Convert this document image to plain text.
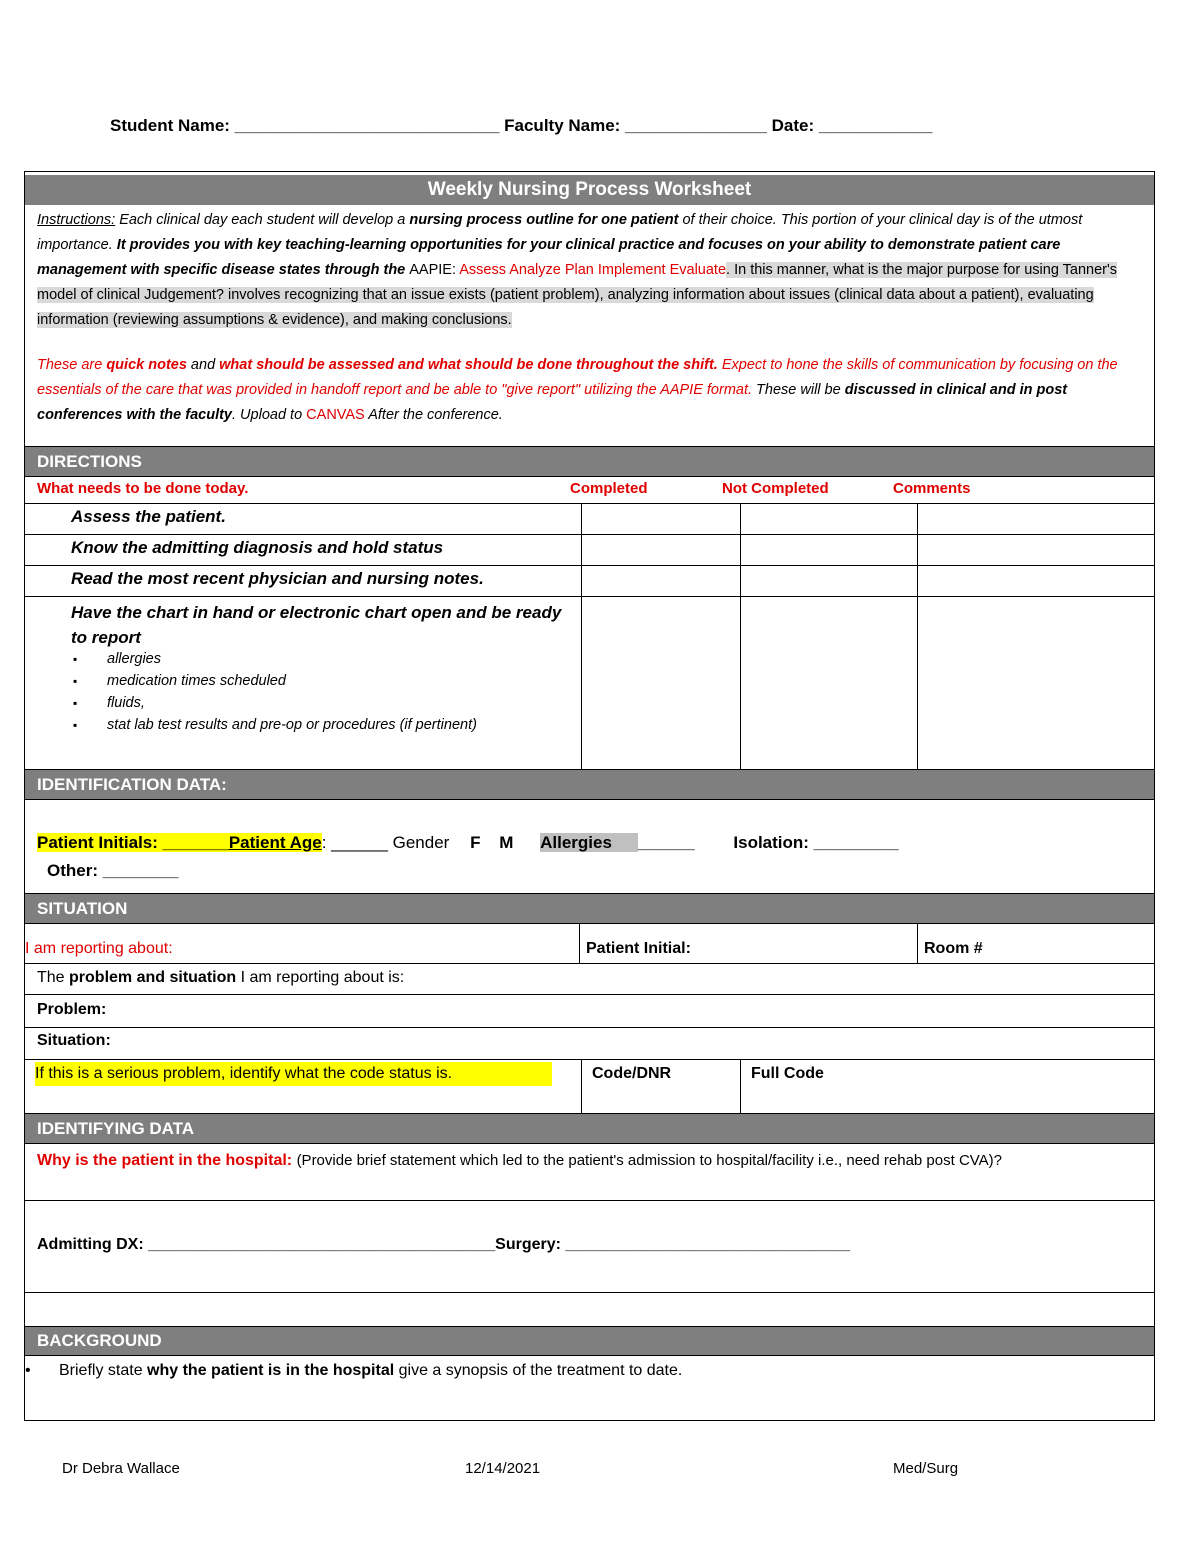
Student Name: ____________________________ Faculty Name: _______________ Date: ____________
Weekly Nursing Process Worksheet
Instructions: Each clinical day each student will develop a nursing process outline for one patient of their choice. This portion of your clinical day is of the utmost importance. It provides you with key teaching-learning opportunities for your clinical practice and focuses on your ability to demonstrate patient care management with specific disease states through the AAPIE: Assess Analyze Plan Implement Evaluate. In this manner, what is the major purpose for using Tanner's model of clinical Judgement? involves recognizing that an issue exists (patient problem), analyzing information about issues (clinical data about a patient), evaluating information (reviewing assumptions & evidence), and making conclusions.
These are quick notes and what should be assessed and what should be done throughout the shift. Expect to hone the skills of communication by focusing on the essentials of the care that was provided in handoff report and be able to "give report" utilizing the AAPIE format. These will be discussed in clinical and in post conferences with the faculty. Upload to CANVAS After the conference.
DIRECTIONS
What needs to be done today.	Completed	Not Completed	Comments
Assess the patient.
Know the admitting diagnosis and hold status
Read the most recent physician and nursing notes.
Have the chart in hand or electronic chart open and be ready to report
▪ allergies
▪ medication times scheduled
▪ fluids,
▪ stat lab test results and pre-op or procedures (if pertinent)
IDENTIFICATION DATA:
Patient Initials: _______Patient Age: ______ Gender F M Allergies ______ Isolation: _________
Other: ________
SITUATION
I am reporting about:	Patient Initial:	Room #
The problem and situation I am reporting about is:
Problem:
Situation:
If this is a serious problem, identify what the code status is.	Code/DNR	Full Code
IDENTIFYING DATA
Why is the patient in the hospital: (Provide brief statement which led to the patient's admission to hospital/facility i.e., need rehab post CVA)?
Admitting DX: _______________________________________Surgery: ________________________________
BACKGROUND
• Briefly state why the patient is in the hospital give a synopsis of the treatment to date.
Dr Debra Wallace	12/14/2021	Med/Surg
